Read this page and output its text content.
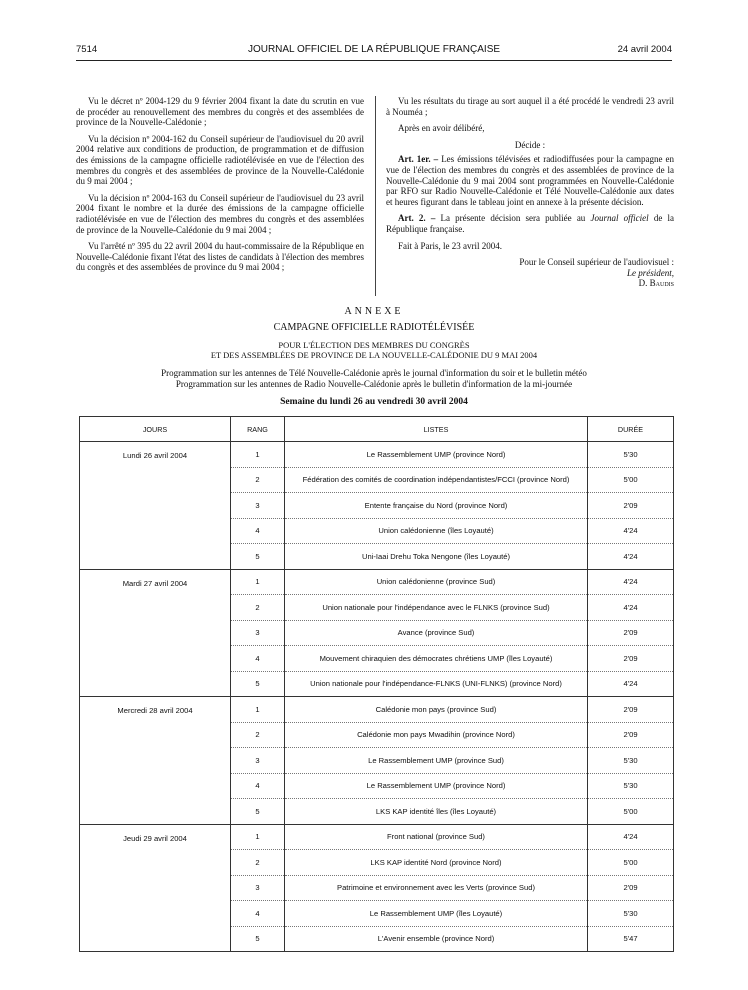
JOURNAL OFFICIEL DE LA RÉPUBLIQUE FRANÇAISE
7514	24 avril 2004

Vu le décret nº 2004-129 du 9 février 2004 fixant la date du scrutin en vue de procéder au renouvellement des membres du congrès et des assemblées de province de la Nouvelle-Calédonie ;

Vu la décision nº 2004-162 du Conseil supérieur de l'audiovisuel du 20 avril 2004 relative aux conditions de production, de programmation et de diffusion des émissions de la campagne officielle radiotélévisée en vue de l'élection des membres du congrès et des assemblées de province de la Nouvelle-Calédonie du 9 mai 2004 ;

Vu la décision nº 2004-163 du Conseil supérieur de l'audiovisuel du 23 avril 2004 fixant le nombre et la durée des émissions de la campagne officielle radiotélévisée en vue de l'élection des membres du congrès et des assemblées de province de la Nouvelle-Calédonie du 9 mai 2004 ;

Vu l'arrêté nº 395 du 22 avril 2004 du haut-commissaire de la République en Nouvelle-Calédonie fixant l'état des listes de candidats à l'élection des membres du congrès et des assemblées de province du 9 mai 2004 ;

Vu les résultats du tirage au sort auquel il a été procédé le vendredi 23 avril à Nouméa ;

Après en avoir délibéré,

Décide :

Art. 1er. – Les émissions télévisées et radiodiffusées pour la campagne en vue de l'élection des membres du congrès et des assemblées de province de la Nouvelle-Calédonie du 9 mai 2004 sont programmées en Nouvelle-Calédonie par RFO sur Radio Nouvelle-Calédonie et Télé Nouvelle-Calédonie aux dates et heures figurant dans le tableau joint en annexe à la présente décision.

Art. 2. – La présente décision sera publiée au Journal officiel de la République française.

Fait à Paris, le 23 avril 2004.

Pour le Conseil supérieur de l'audiovisuel :

Le président,

D. Baudis

ANNEXE
CAMPAGNE OFFICIELLE RADIOTÉLÉVISÉE
POUR L'ÉLECTION DES MEMBRES DU CONGRÈS
ET DES ASSEMBLÉES DE PROVINCE DE LA NOUVELLE-CALÉDONIE DU 9 MAI 2004
Programmation sur les antennes de Télé Nouvelle-Calédonie après le journal d'information du soir et le bulletin météo
Programmation sur les antennes de Radio Nouvelle-Calédonie après le bulletin d'information de la mi-journée
Semaine du lundi 26 au vendredi 30 avril 2004
JOURS	RANG	LISTES	DURÉE
Lundi 26 avril 2004	1	Le Rassemblement UMP (province Nord)	5'30
	2	Fédération des comités de coordination indépendantistes/FCCI (province Nord)	5'00
	3	Entente française du Nord (province Nord)	2'09
	4	Union calédonienne (îles Loyauté)	4'24
	5	Uni-Iaai Drehu Toka Nengone (îles Loyauté)	4'24
Mardi 27 avril 2004	1	Union calédonienne (province Sud)	4'24
	2	Union nationale pour l'indépendance avec le FLNKS (province Sud)	4'24
	3	Avance (province Sud)	2'09
	4	Mouvement chiraquien des démocrates chrétiens UMP (îles Loyauté)	2'09
	5	Union nationale pour l'indépendance-FLNKS (UNI-FLNKS) (province Nord)	4'24
Mercredi 28 avril 2004	1	Calédonie mon pays (province Sud)	2'09
	2	Calédonie mon pays Mwadihin (province Nord)	2'09
	3	Le Rassemblement UMP (province Sud)	5'30
	4	Le Rassemblement UMP (province Nord)	5'30
	5	LKS KAP identité îles (îles Loyauté)	5'00
Jeudi 29 avril 2004	1	Front national (province Sud)	4'24
	2	LKS KAP identité Nord (province Nord)	5'00
	3	Patrimoine et environnement avec les Verts (province Sud)	2'09
	4	Le Rassemblement UMP (îles Loyauté)	5'30
	5	L'Avenir ensemble (province Nord)	5'47
